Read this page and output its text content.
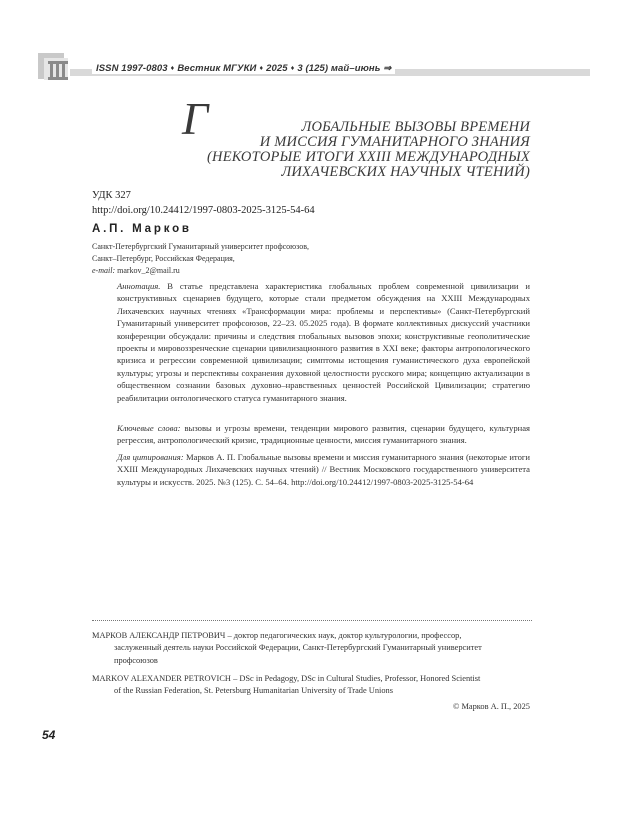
ISSN 1997-0803 ♦ Вестник МГУКИ ♦ 2025 ♦ 3 (125) май–июнь ⇒
Г	ЛОБАЛЬНЫЕ ВЫЗОВЫ ВРЕМЕНИ
И МИССИЯ ГУМАНИТАРНОГО ЗНАНИЯ
(НЕКОТОРЫЕ ИТОГИ XXIII МЕЖДУНАРОДНЫХ
ЛИХАЧЕВСКИХ НАУЧНЫХ ЧТЕНИЙ)
УДК 327
http://doi.org/10.24412/1997-0803-2025-3125-54-64
А.П. Марков
Санкт-Петербургский Гуманитарный университет профсоюзов,
Санкт–Петербург, Российская Федерация,
e-mail: markov_2@mail.ru
Аннотация. В статье представлена характеристика глобальных проблем современной цивилизации и конструктивных сценариев будущего, которые стали предметом обсуждения на XXIII Международных Лихачевских научных чтениях «Трансформации мира: проблемы и перспективы» (Санкт-Петербургский Гуманитарный университет профсоюзов, 22–23. 05.2025 года). В формате коллективных дискуссий участники конференции обсуждали: причины и следствия глобальных вызовов эпохи; конструктивные геополитические проекты и мировоззренческие сценарии цивилизационного развития в XXI веке; факторы антропологического кризиса и регрессии современной цивилизации; симптомы истощения гуманистического духа европейской культуры; угрозы и перспективы сохранения духовной целостности русского мира; концепцию актуализации в общественном сознании базовых духовно–нравственных ценностей Российской Цивилизации; стратегию реабилитации онтологического статуса гуманитарного знания.
Ключевые слова: вызовы и угрозы времени, тенденции мирового развития, сценарии будущего, культурная регрессия, антропологический кризис, традиционные ценности, миссия гуманитарного знания.
Для цитирования: Марков А. П. Глобальные вызовы времени и миссия гуманитарного знания (некоторые итоги XXIII Международных Лихачевских научных чтений) // Вестник Московского государственного университета культуры и искусств. 2025. №3 (125). С. 54–64. http://doi.org/10.24412/1997-0803-2025-3125-54-64
МАРКОВ АЛЕКСАНДР ПЕТРОВИЧ – доктор педагогических наук, доктор культурологии, профессор,
заслуженный деятель науки Российской Федерации, Санкт-Петербургский Гуманитарный университет
профсоюзов
MARKOV ALEXANDER PETROVICH – DSc in Pedagogy, DSc in Cultural Studies, Professor, Honored Scientist
of the Russian Federation, St. Petersburg Humanitarian University of Trade Unions
© Марков А. П., 2025
54
